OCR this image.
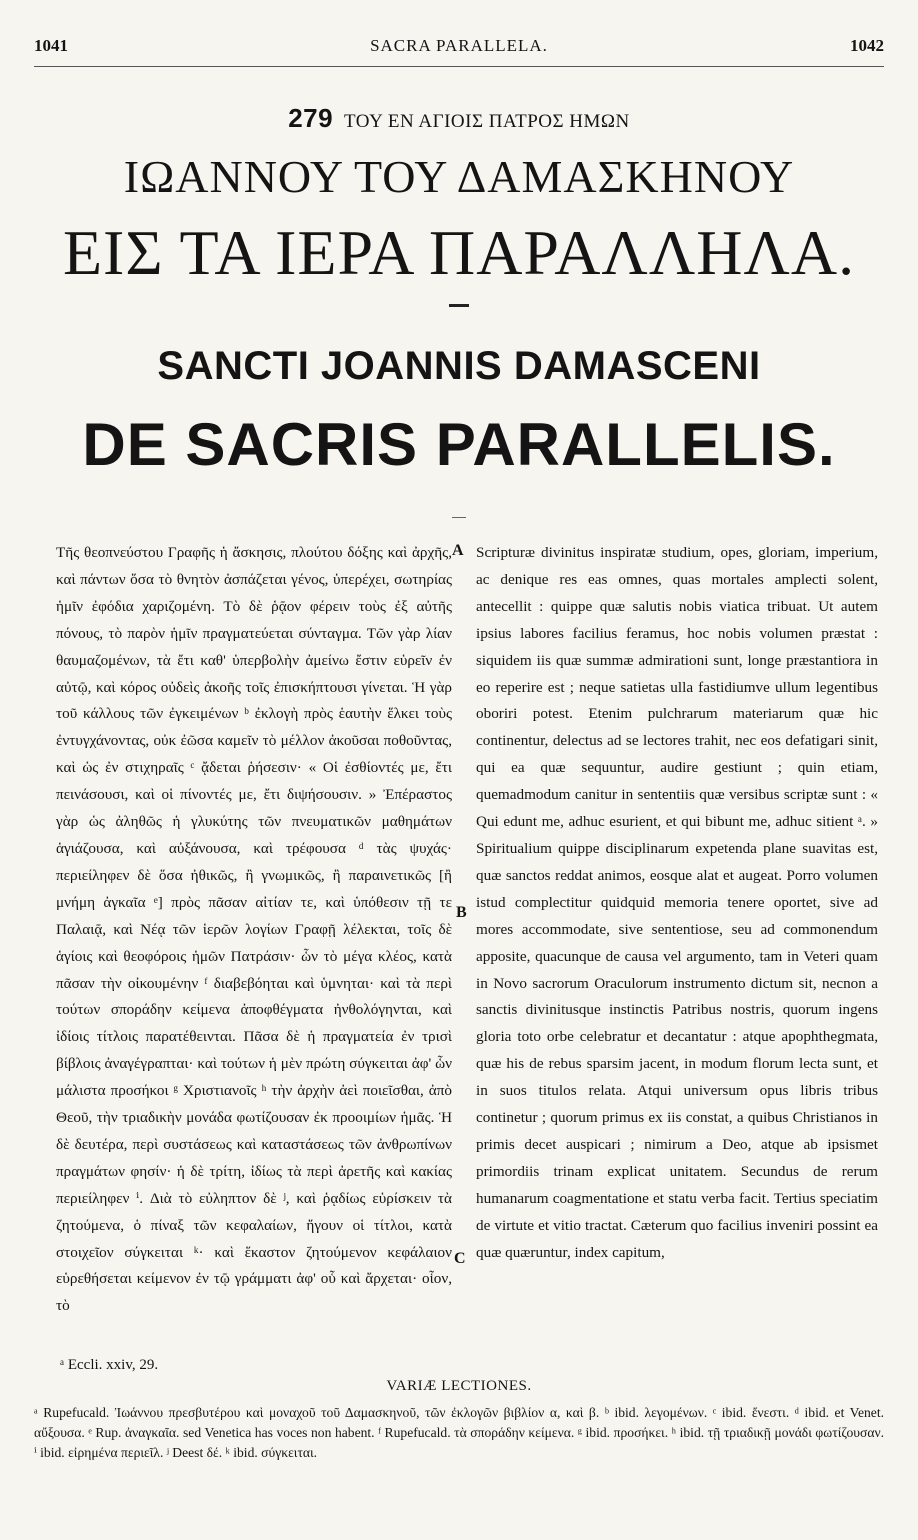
1041	SACRA PARALLELA.	1042
279 ΤΟΥ ΕΝ ΑΓΙΟΙΣ ΠΑΤΡΟΣ ΗΜΩΝ
ΙΩΑΝΝΟΥ ΤΟΥ ΔΑΜΑΣΚΗΝΟΥ
ΕΙΣ ΤΑ ΙΕΡΑ ΠΑΡΑΛΛΗΛΑ.
SANCTI JOANNIS DAMASCENI
DE SACRIS PARALLELIS.

Τῆς θεοπνεύστου Γραφῆς ἡ ἄσκησις, πλούτου δόξης καὶ ἀρχῆς, καὶ πάντων ὅσα τὸ θνητὸν ἀσπάζεται γένος, ὑπερέχει, σωτηρίας ἡμῖν ἐφόδια χαριζομένη. Τὸ δὲ ῥᾷον φέρειν τοὺς ἐξ αὐτῆς πόνους, τὸ παρὸν ἡμῖν πραγματεύεται σύνταγμα. Τῶν γὰρ λίαν θαυμαζομένων, τὰ ἔτι καθ' ὑπερβολὴν ἀμείνω ἔστιν εὑρεῖν ἐν αὐτῷ, καὶ κόρος οὐδεὶς ἀκοῆς τοῖς ἐπισκήπτουσι γίνεται. Ἡ γὰρ τοῦ κάλλους τῶν ἐγκειμένων ᵇ ἐκλογὴ πρὸς ἑαυτὴν ἕλκει τοὺς ἐντυγχάνοντας, οὐκ ἐῶσα καμεῖν τὸ μέλλον ἀκοῦσαι ποθοῦντας, καὶ ὡς ἐν στιχηραῖς ᶜ ᾄδεται ῥήσεσιν· « Οἱ ἐσθίοντές με, ἔτι πεινάσουσι, καὶ οἱ πίνοντές με, ἔτι διψήσουσιν. » Ἐπέραστος γὰρ ὡς ἀληθῶς ἡ γλυκύτης τῶν πνευματικῶν μαθημάτων ἁγιάζουσα, καὶ αὐξάνουσα, καὶ τρέφουσα ᵈ τὰς ψυχάς· περιείληφεν δὲ ὅσα ἠθικῶς, ἢ γνωμικῶς, ἢ παραινετικῶς [ἢ μνήμη ἀγκαῖα ᵉ] πρὸς πᾶσαν αἰτίαν τε, καὶ ὑπόθεσιν τῇ τε Παλαιᾷ, καὶ Νέᾳ τῶν ἱερῶν λογίων Γραφῇ λέλεκται, τοῖς δὲ ἁγίοις καὶ θεοφόροις ἡμῶν Πατράσιν· ὧν τὸ μέγα κλέος, κατὰ πᾶσαν τὴν οἰκουμένην ᶠ διαβεβόηται καὶ ὑμνηται· καὶ τὰ περὶ τούτων σποράδην κείμενα ἀποφθέγματα ἠνθολόγηνται, καὶ ἰδίοις τίτλοις παρατέθεινται. Πᾶσα δὲ ἡ πραγματεία ἐν τρισὶ βίβλοις ἀναγέγραπται· καὶ τούτων ἡ μὲν πρώτη σύγκειται ἀφ' ὧν μάλιστα προσήκοι ᵍ Χριστιανοῖς ʰ τὴν ἀρχὴν ἀεὶ ποιεῖσθαι, ἀπὸ Θεοῦ, τὴν τριαδικὴν μονάδα φωτίζουσαν ἐκ προοιμίων ἡμᾶς. Ἡ δὲ δευτέρα, περὶ συστάσεως καὶ καταστάσεως τῶν ἀνθρωπίνων πραγμάτων φησίν· ἡ δὲ τρίτη, ἰδίως τὰ περὶ ἀρετῆς καὶ κακίας περιείληφεν ⁱ. Διὰ τὸ εὐληπτον δὲ ʲ, καὶ ῥᾳδίως εὑρίσκειν τὰ ζητούμενα, ὁ πίναξ τῶν κεφαλαίων, ἤγουν οἱ τίτλοι, κατὰ στοιχεῖον σύγκειται ᵏ· καὶ ἕκαστον ζητούμενον κεφάλαιον εὑρεθήσεται κείμενον ἐν τῷ γράμματι ἀφ' οὗ καὶ ἄρχεται· οἷον, τὸ

A
B
C

Scripturæ divinitus inspiratæ studium, opes, gloriam, imperium, ac denique res eas omnes, quas mortales amplecti solent, antecellit : quippe quæ salutis nobis viatica tribuat. Ut autem ipsius labores facilius feramus, hoc nobis volumen præstat : siquidem iis quæ summæ admirationi sunt, longe præstantiora in eo reperire est ; neque satietas ulla fastidiumve ullum legentibus oboriri potest. Etenim pulchrarum materiarum quæ hic continentur, delectus ad se lectores trahit, nec eos defatigari sinit, qui ea quæ sequuntur, audire gestiunt ; quin etiam, quemadmodum canitur in sententiis quæ versibus scriptæ sunt : « Qui edunt me, adhuc esurient, et qui bibunt me, adhuc sitient ᵃ. » Spiritualium quippe disciplinarum expetenda plane suavitas est, quæ sanctos reddat animos, eosque alat et augeat. Porro volumen istud complectitur quidquid memoria tenere oportet, sive ad mores accommodate, sive sententiose, seu ad commonendum apposite, quacunque de causa vel argumento, tam in Veteri quam in Novo sacrorum Oraculorum instrumento dictum sit, necnon a sanctis divinitusque instinctis Patribus nostris, quorum ingens gloria toto orbe celebratur et decantatur : atque apophthegmata, quæ his de rebus sparsim jacent, in modum florum lecta sunt, et in suos titulos relata. Atqui universum opus libris tribus continetur ; quorum primus ex iis constat, a quibus Christianos in primis decet auspicari ; nimirum a Deo, atque ab ipsismet primordiis trinam explicat unitatem. Secundus de rerum humanarum coagmentatione et statu verba facit. Tertius speciatim de virtute et vitio tractat. Cæterum quo facilius inveniri possint ea quæ quæruntur, index capitum,

ᵃ Eccli. xxiv, 29.
VARIÆ LECTIONES.
ᵃ Rupefucald. Ἰωάννου πρεσβυτέρου καὶ μοναχοῦ τοῦ Δαμασκηνοῦ, τῶν ἐκλογῶν βιβλίον α, καὶ β. ᵇ ibid. λεγομένων. ᶜ ibid. ἔνεστι. ᵈ ibid. et Venet. αὔξουσα. ᵉ Rup. ἀναγκαῖα. sed Venetica has voces non habent. ᶠ Rupefucald. τὰ σποράδην κείμενα. ᵍ ibid. προσήκει. ʰ ibid. τῇ τριαδικῇ μονάδι φωτίζουσαν. ⁱ ibid. εἰρημένα περιεῖλ. ʲ Deest δέ. ᵏ ibid. σύγκειται.
